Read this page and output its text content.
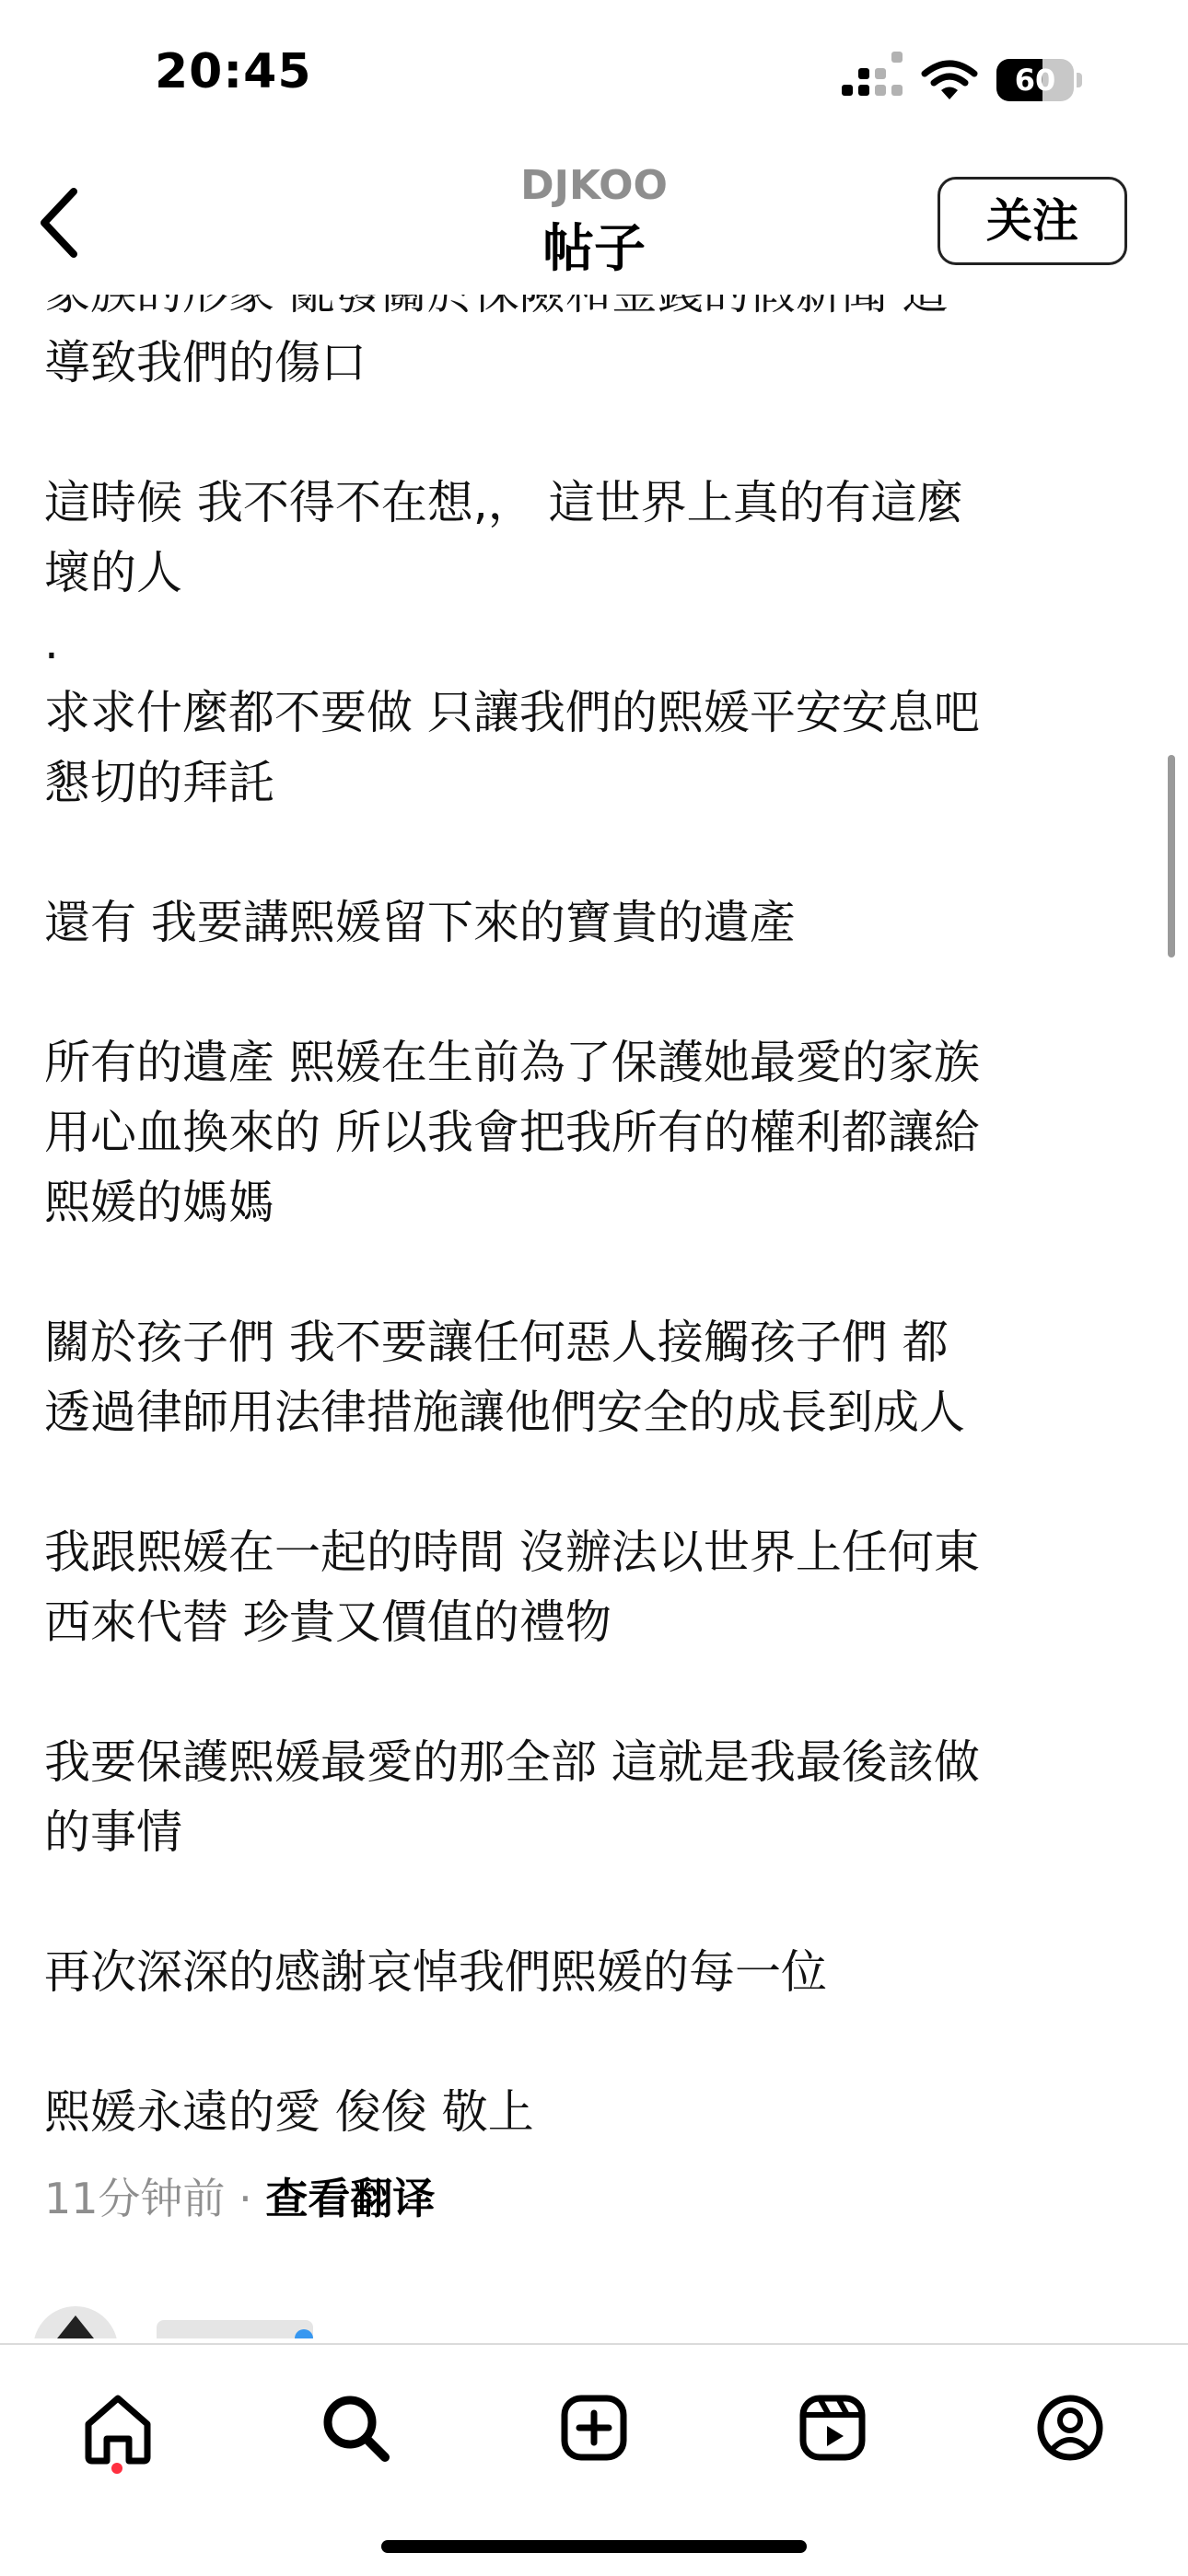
20:45	60
DJKOO
帖子	关注

導致我們的傷口

這時候 我不得不在想,， 這世界上真的有這麼
壞的人

.

求求什麼都不要做 只讓我們的熙媛平安安息吧
懇切的拜託

還有 我要講熙媛留下來的寶貴的遺產

所有的遺產 熙媛在生前為了保護她最愛的家族
用心血換來的 所以我會把我所有的權利都讓給
熙媛的媽媽

關於孩子們 我不要讓任何惡人接觸孩子們 都
透過律師用法律措施讓他們安全的成長到成人

我跟熙媛在一起的時間 沒辦法以世界上任何東
西來代替 珍貴又價值的禮物

我要保護熙媛最愛的那全部 這就是我最後該做
的事情

再次深深的感謝哀悼我們熙媛的每一位

熙媛永遠的愛 俊俊 敬上

11分钟前 · 查看翻译
